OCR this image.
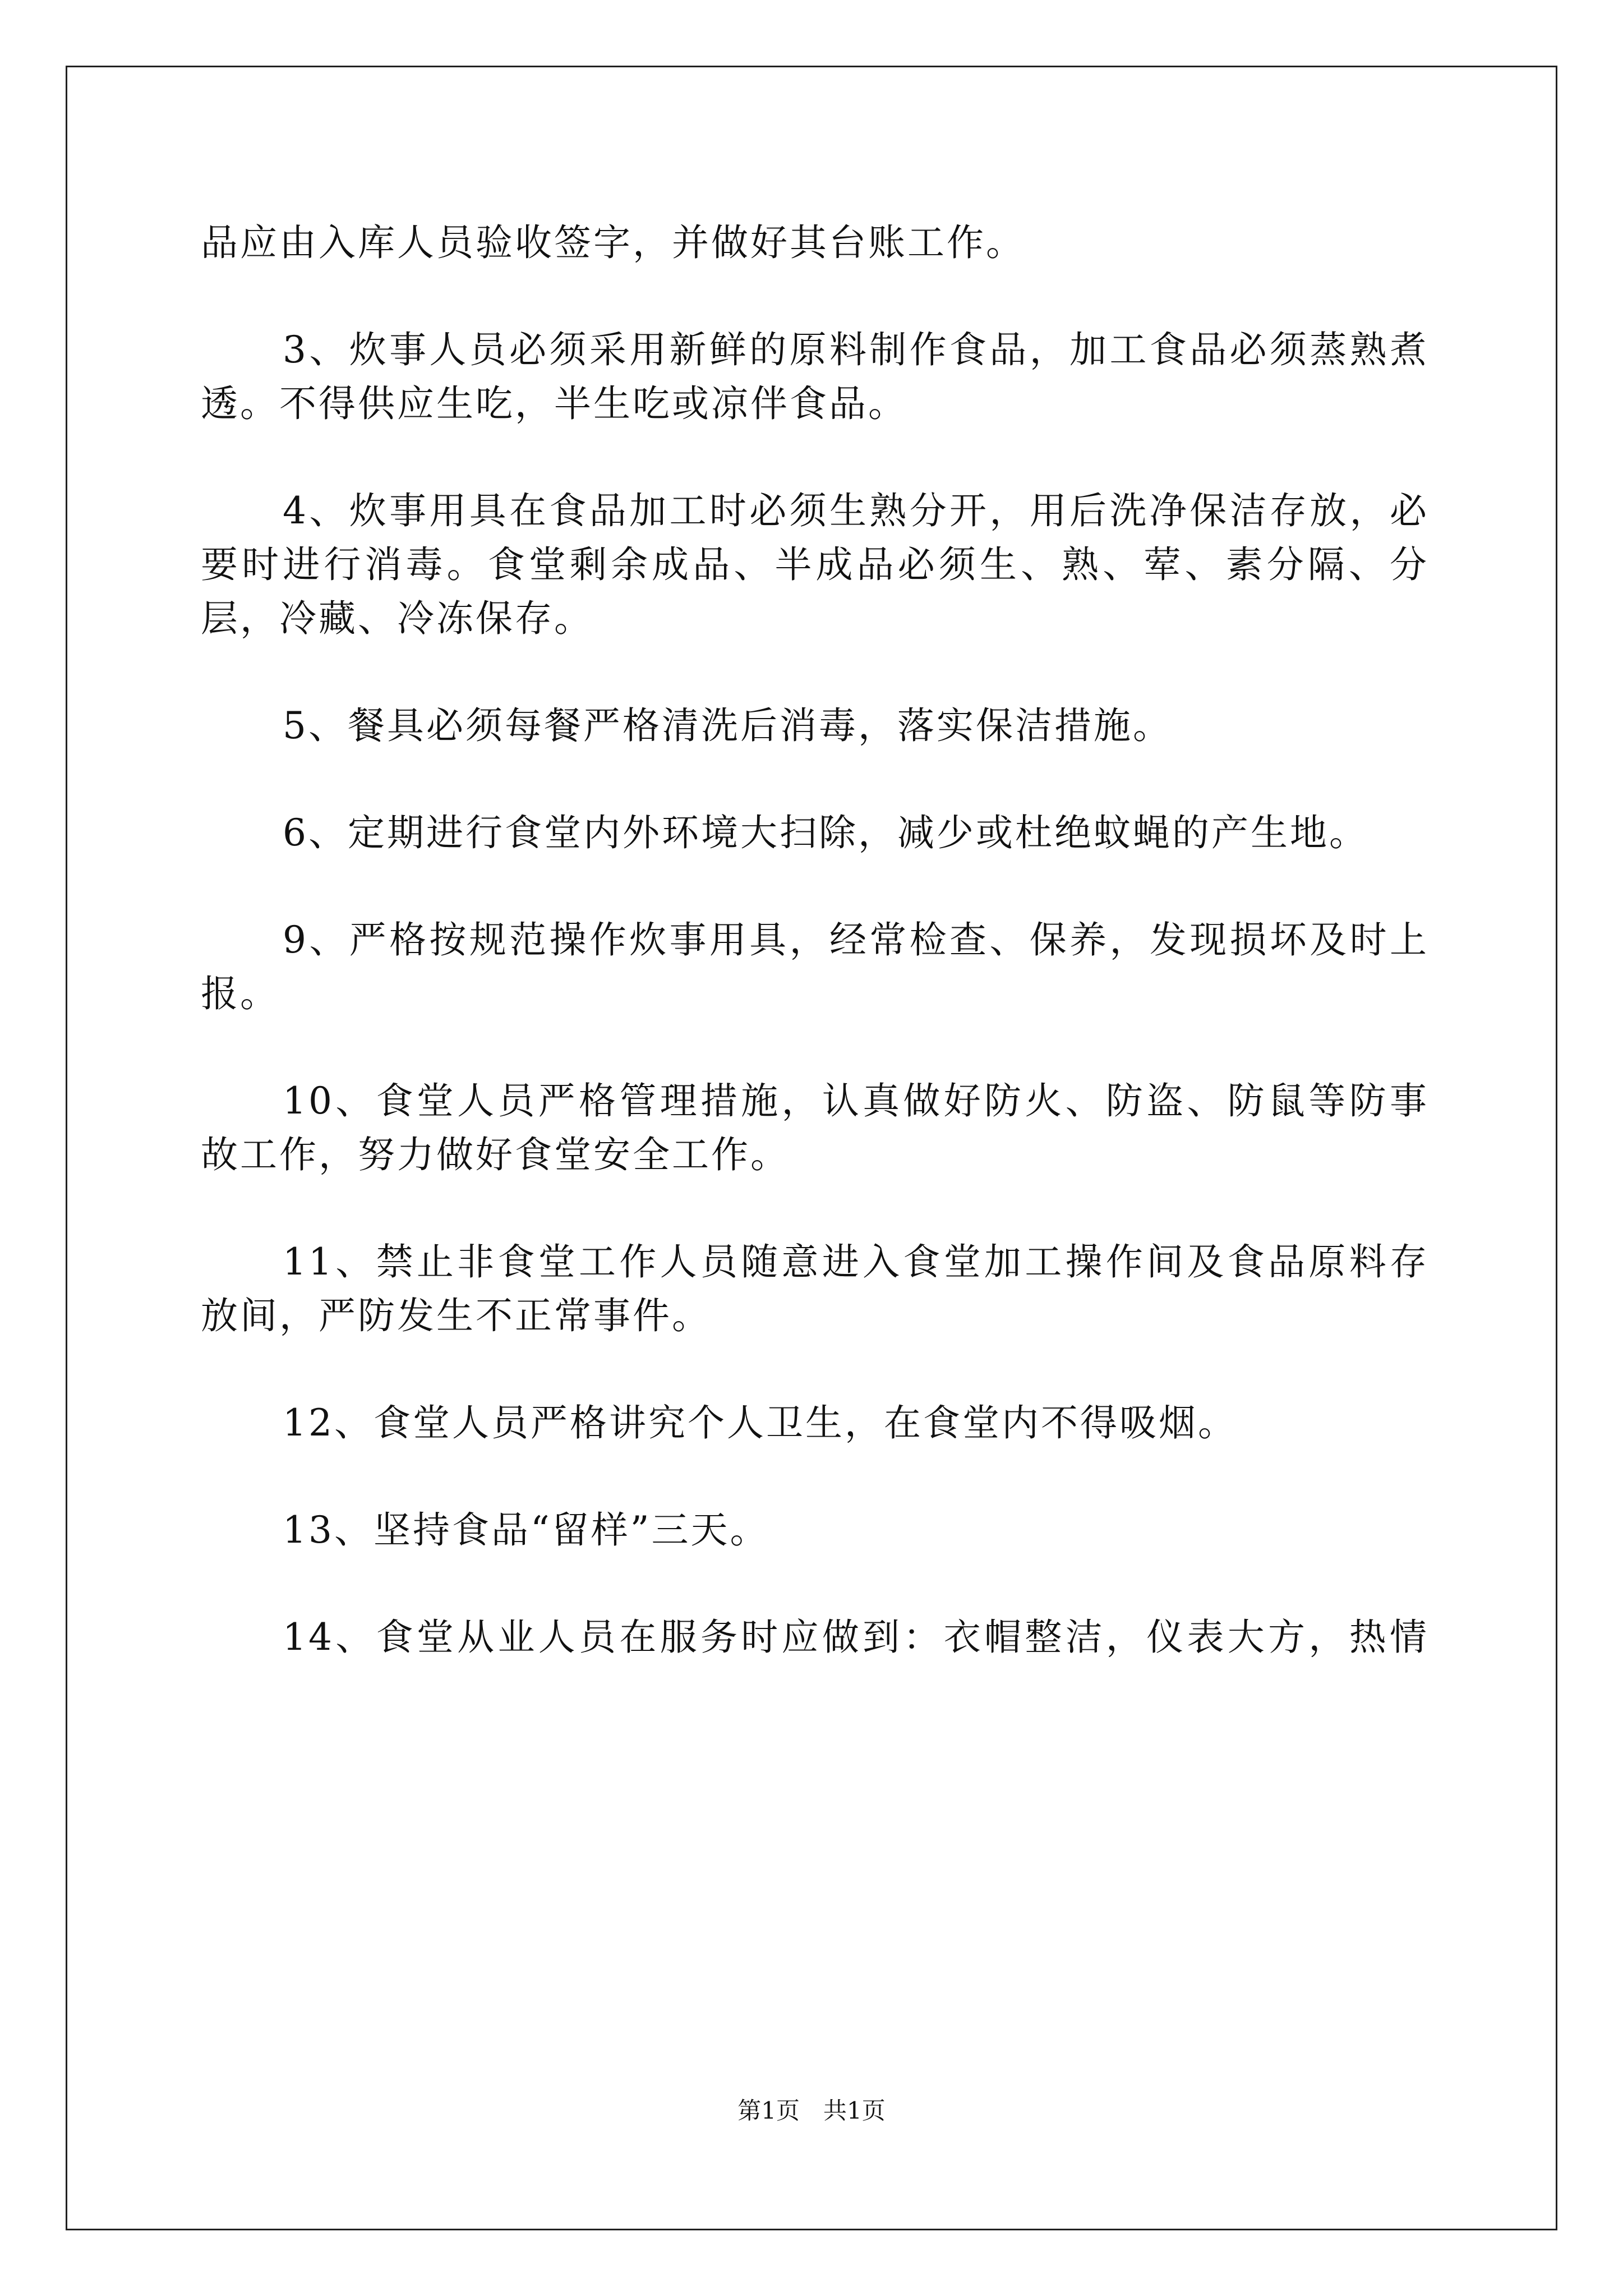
品应由入库人员验收签字，并做好其台账工作。
3、炊事人员必须采用新鲜的原料制作食品，加工食品必须蒸熟煮
透。不得供应生吃，半生吃或凉伴食品。
4、炊事用具在食品加工时必须生熟分开，用后洗净保洁存放，必
要时进行消毒。食堂剩余成品、半成品必须生、熟、荤、素分隔、分
层，冷藏、冷冻保存。
5、餐具必须每餐严格清洗后消毒，落实保洁措施。
6、定期进行食堂内外环境大扫除，减少或杜绝蚊蝇的产生地。
9、严格按规范操作炊事用具，经常检查、保养，发现损坏及时上
报。
10、食堂人员严格管理措施，认真做好防火、防盗、防鼠等防事
故工作，努力做好食堂安全工作。
11、禁止非食堂工作人员随意进入食堂加工操作间及食品原料存
放间，严防发生不正常事件。
12、食堂人员严格讲究个人卫生，在食堂内不得吸烟。
13、坚持食品“留样”三天。
14、食堂从业人员在服务时应做到：衣帽整洁，仪表大方，热情
第1页　共1页
